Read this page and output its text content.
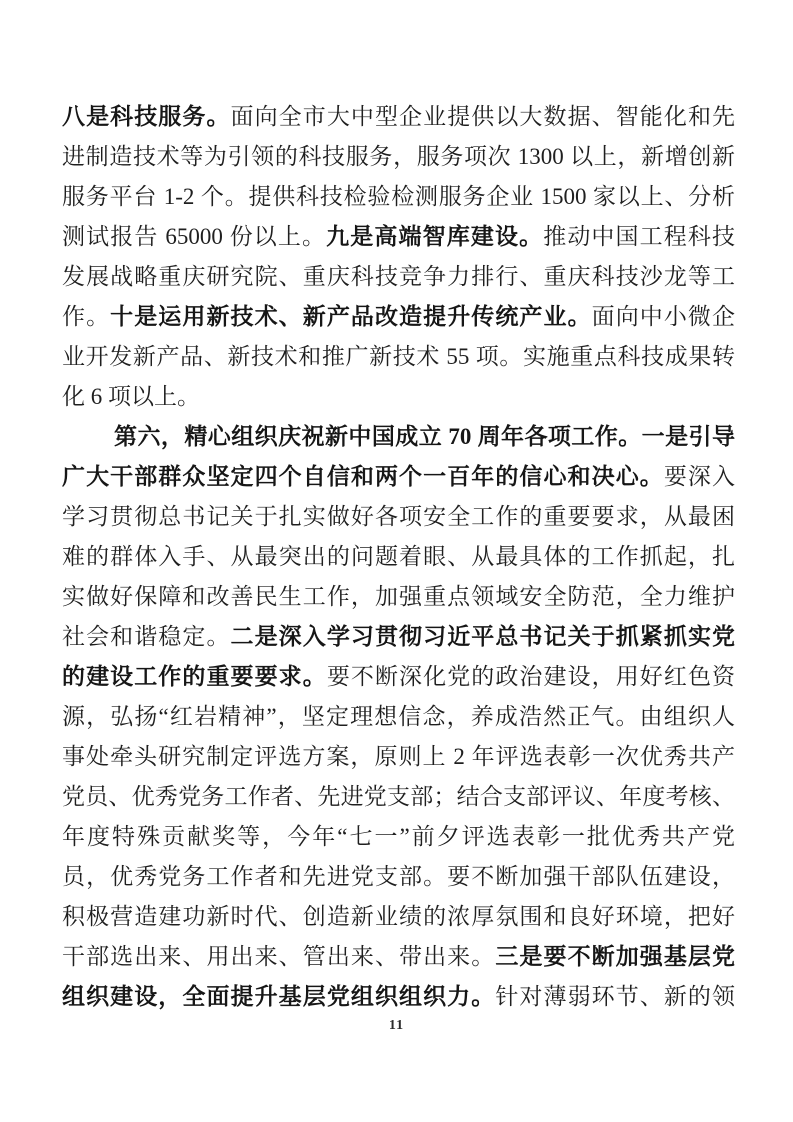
八是科技服务。面向全市大中型企业提供以大数据、智能化和先
进制造技术等为引领的科技服务，服务项次 1300 以上，新增创新
服务平台 1-2 个。提供科技检验检测服务企业 1500 家以上、分析
测试报告 65000 份以上。九是高端智库建设。推动中国工程科技
发展战略重庆研究院、重庆科技竞争力排行、重庆科技沙龙等工
作。十是运用新技术、新产品改造提升传统产业。面向中小微企
业开发新产品、新技术和推广新技术 55 项。实施重点科技成果转
化 6 项以上。
第六，精心组织庆祝新中国成立 70 周年各项工作。一是引导
广大干部群众坚定四个自信和两个一百年的信心和决心。要深入
学习贯彻总书记关于扎实做好各项安全工作的重要要求，从最困
难的群体入手、从最突出的问题着眼、从最具体的工作抓起，扎
实做好保障和改善民生工作，加强重点领域安全防范，全力维护
社会和谐稳定。二是深入学习贯彻习近平总书记关于抓紧抓实党
的建设工作的重要要求。要不断深化党的政治建设，用好红色资
源，弘扬“红岩精神”，坚定理想信念，养成浩然正气。由组织人
事处牵头研究制定评选方案，原则上 2 年评选表彰一次优秀共产
党员、优秀党务工作者、先进党支部；结合支部评议、年度考核、
年度特殊贡献奖等，今年“七一”前夕评选表彰一批优秀共产党
员，优秀党务工作者和先进党支部。要不断加强干部队伍建设，
积极营造建功新时代、创造新业绩的浓厚氛围和良好环境，把好
干部选出来、用出来、管出来、带出来。三是要不断加强基层党
组织建设，全面提升基层党组织组织力。针对薄弱环节、新的领
11
